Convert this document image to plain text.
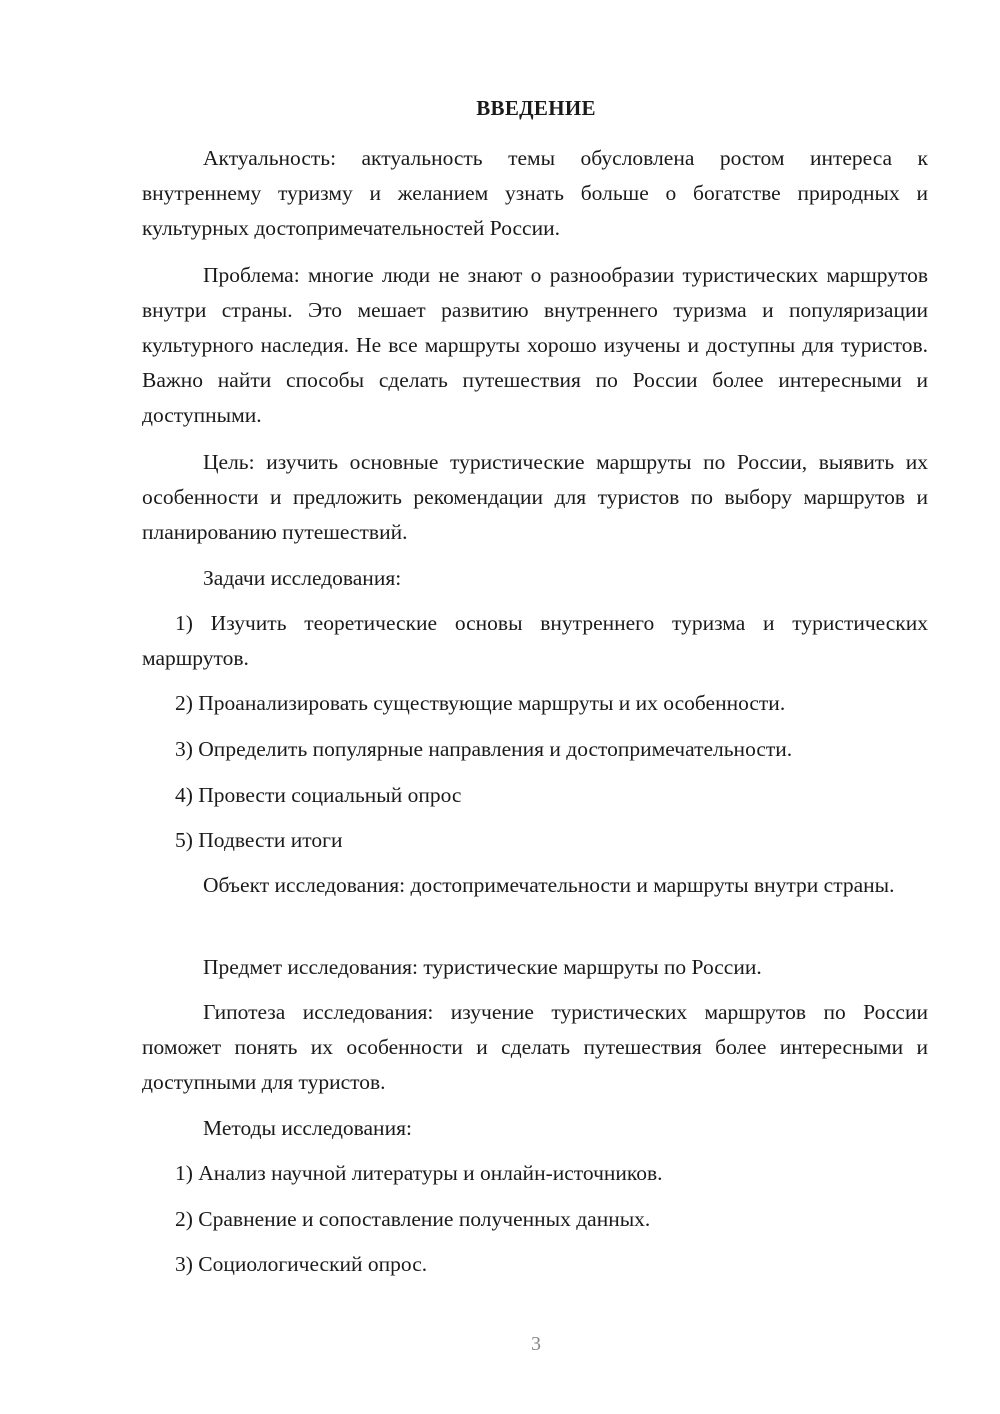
ВВЕДЕНИЕ

Актуальность: актуальность темы обусловлена ростом интереса к внутреннему туризму и желанием узнать больше о богатстве природных и культурных достопримечательностей России.

Проблема: многие люди не знают о разнообразии туристических маршрутов внутри страны. Это мешает развитию внутреннего туризма и популяризации культурного наследия. Не все маршруты хорошо изучены и доступны для туристов. Важно найти способы сделать путешествия по России более интересными и доступными.

Цель: изучить основные туристические маршруты по России, выявить их особенности и предложить рекомендации для туристов по выбору маршрутов и планированию путешествий.

Задачи исследования:

1) Изучить теоретические основы внутреннего туризма и туристических маршрутов.

2) Проанализировать существующие маршруты и их особенности.
3) Определить популярные направления и достопримечательности.
4) Провести социальный опрос
5) Подвести итоги

Объект исследования: достопримечательности и маршруты внутри страны.

Предмет исследования: туристические маршруты по России.

Гипотеза исследования: изучение туристических маршрутов по России поможет понять их особенности и сделать путешествия более интересными и доступными для туристов.

Методы исследования:

1) Анализ научной литературы и онлайн-источников.
2) Сравнение и сопоставление полученных данных.
3) Социологический опрос.
3
